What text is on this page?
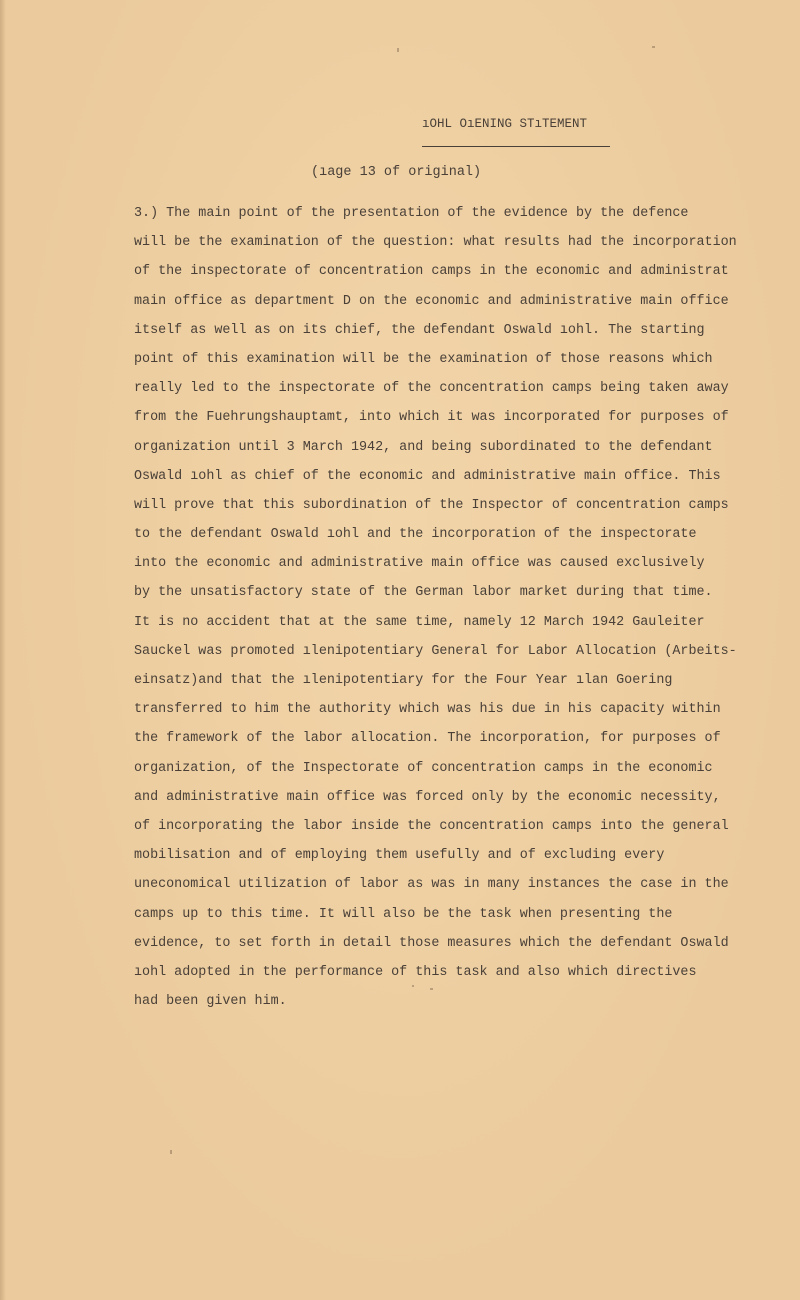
ıOHL OıENING STıTEMENT
(ıage 13 of original)
3.) The main point of the presentation of the evidence by the defence
will be the examination of the question: what results had the incorporation
of the inspectorate of concentration camps in the economic and administrat
main office as department D on the economic and administrative main office
itself as well as on its chief, the defendant Oswald ıohl. The starting
point of this examination will be the examination of those reasons which
really led to the inspectorate of the concentration camps being taken away
from the Fuehrungshauptamt, into which it was incorporated for purposes of
organization until 3 March 1942, and being subordinated to the defendant
Oswald ıohl as chief of the economic and administrative main office. This
will prove that this subordination of the Inspector of concentration camps
to the defendant Oswald ıohl and the incorporation of the inspectorate
into the economic and administrative main office was caused exclusively
by the unsatisfactory state of the German labor market during that time.
It is no accident that at the same time, namely 12 March 1942 Gauleiter
Sauckel was promoted ılenipotentiary General for Labor Allocation (Arbeits-
einsatz)and that the ılenipotentiary for the Four Year ılan Goering
transferred to him the authority which was his due in his capacity within
the framework of the labor allocation. The incorporation, for purposes of
organization, of the Inspectorate of concentration camps in the economic
and administrative main office was forced only by the economic necessity,
of incorporating the labor inside the concentration camps into the general
mobilisation and of employing them usefully and of excluding every
uneconomical utilization of labor as was in many instances the case in the
camps up to this time. It will also be the task when presenting the
evidence, to set forth in detail those measures which the defendant Oswald
ıohl adopted in the performance of this task and also which directives
had been given him.
